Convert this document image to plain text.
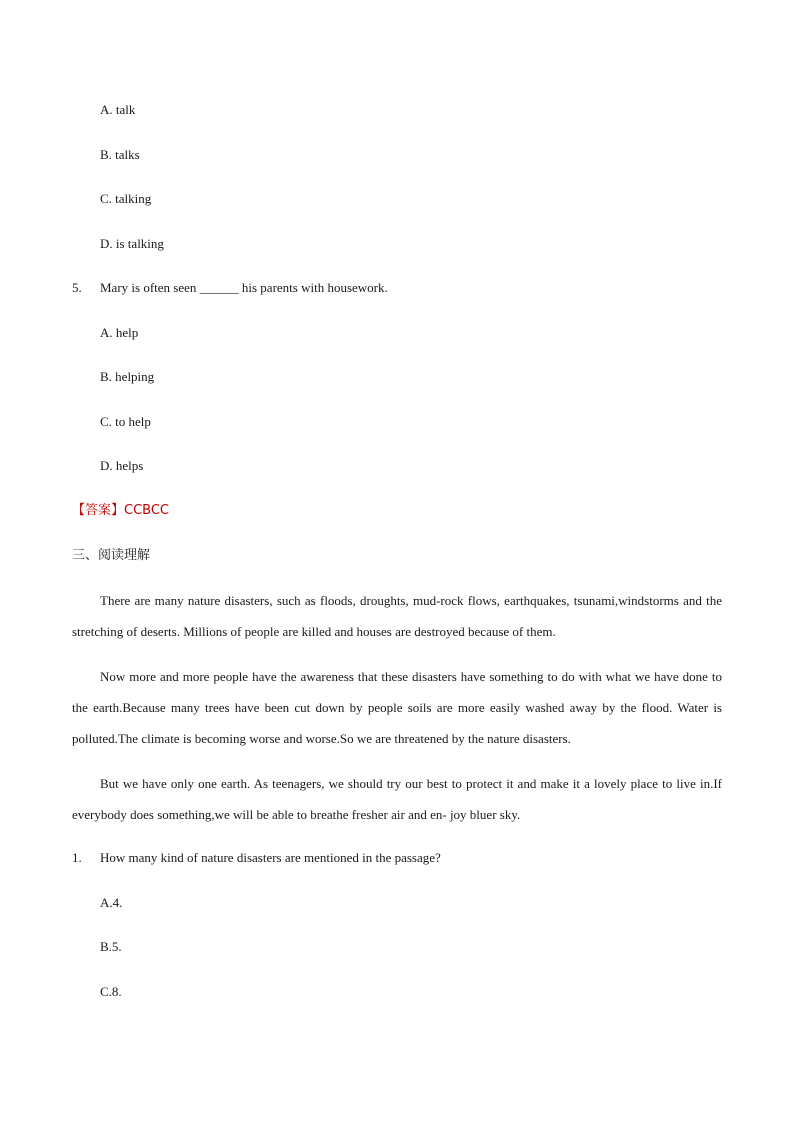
A. talk
B. talks
C. talking
D. is talking
5. Mary is often seen ______ his parents with housework.
A. help
B. helping
C. to help
D. helps
【答案】CCBCC
三、阅读理解

There are many nature disasters, such as floods, droughts, mud-rock flows, earthquakes, tsunami,windstorms and the stretching of deserts. Millions of people are killed and houses are destroyed because of them.

Now more and more people have the awareness that these disasters have something to do with what we have done to the earth.Because many trees have been cut down by people soils are more easily washed away by the flood. Water is polluted.The climate is becoming worse and worse.So we are threatened by the nature disasters.

But we have only one earth. As teenagers, we should try our best to protect it and make it a lovely place to live in.If everybody does something,we will be able to breathe fresher air and en- joy bluer sky.

1. How many kind of nature disasters are mentioned in the passage?
A.4.
B.5.
C.8.
